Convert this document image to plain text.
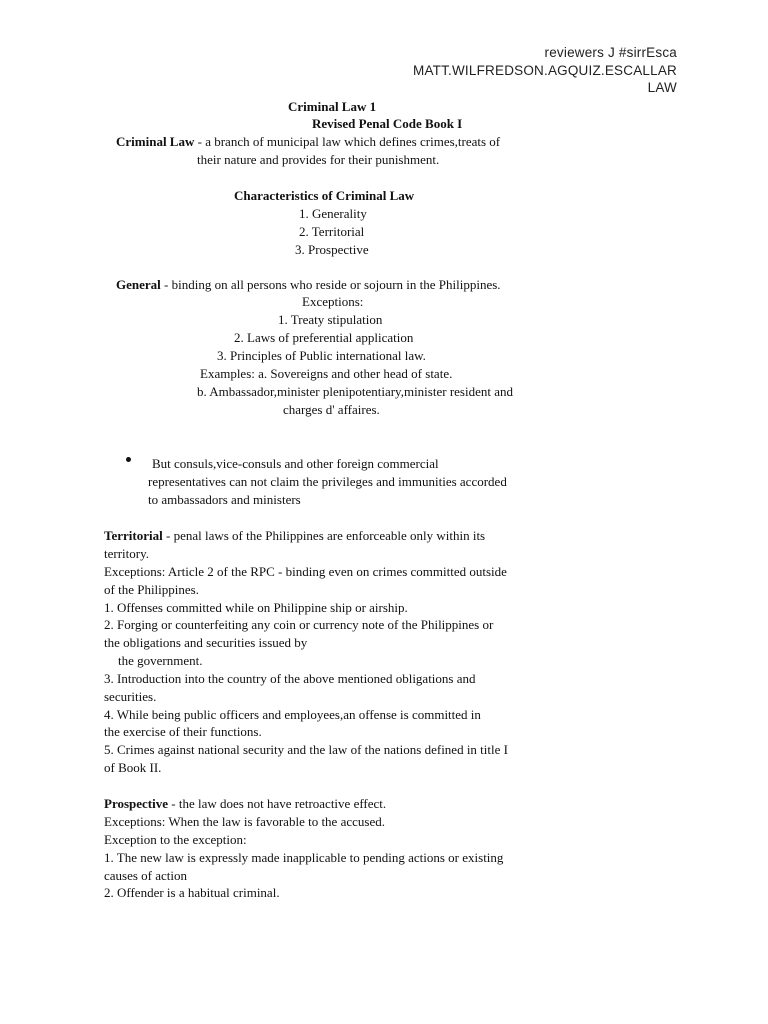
reviewers J #sirrEsca
MATT.WILFREDSON.AGQUIZ.ESCALLAR
LAW
Criminal Law 1
Revised Penal Code Book I
Criminal Law - a branch of municipal law which defines crimes,treats of
their nature and provides for their punishment.
Characteristics of Criminal Law
1. Generality
2. Territorial
3. Prospective
General - binding on all persons who reside or sojourn in the Philippines.
Exceptions:
1. Treaty stipulation
2. Laws of preferential application
3. Principles of Public international law.
Examples: a. Sovereigns and other head of state.
b. Ambassador,minister plenipotentiary,minister resident and
charges d' affaires.
But consuls,vice-consuls and other foreign commercial
representatives can not claim the privileges and immunities accorded
to ambassadors and ministers
Territorial - penal laws of the Philippines are enforceable only within its
territory.
Exceptions: Article 2 of the RPC - binding even on crimes committed outside
of the Philippines.
1. Offenses committed while on Philippine ship or airship.
2. Forging or counterfeiting any coin or currency note of the Philippines or
the obligations and securities issued by
the government.
3. Introduction into the country of the above mentioned obligations and
securities.
4. While being public officers and employees,an offense is committed in
the exercise of their functions.
5. Crimes against national security and the law of the nations defined in title I
of Book II.
Prospective - the law does not have retroactive effect.
Exceptions: When the law is favorable to the accused.
Exception to the exception:
1. The new law is expressly made inapplicable to pending actions or existing
causes of action
2. Offender is a habitual criminal.
